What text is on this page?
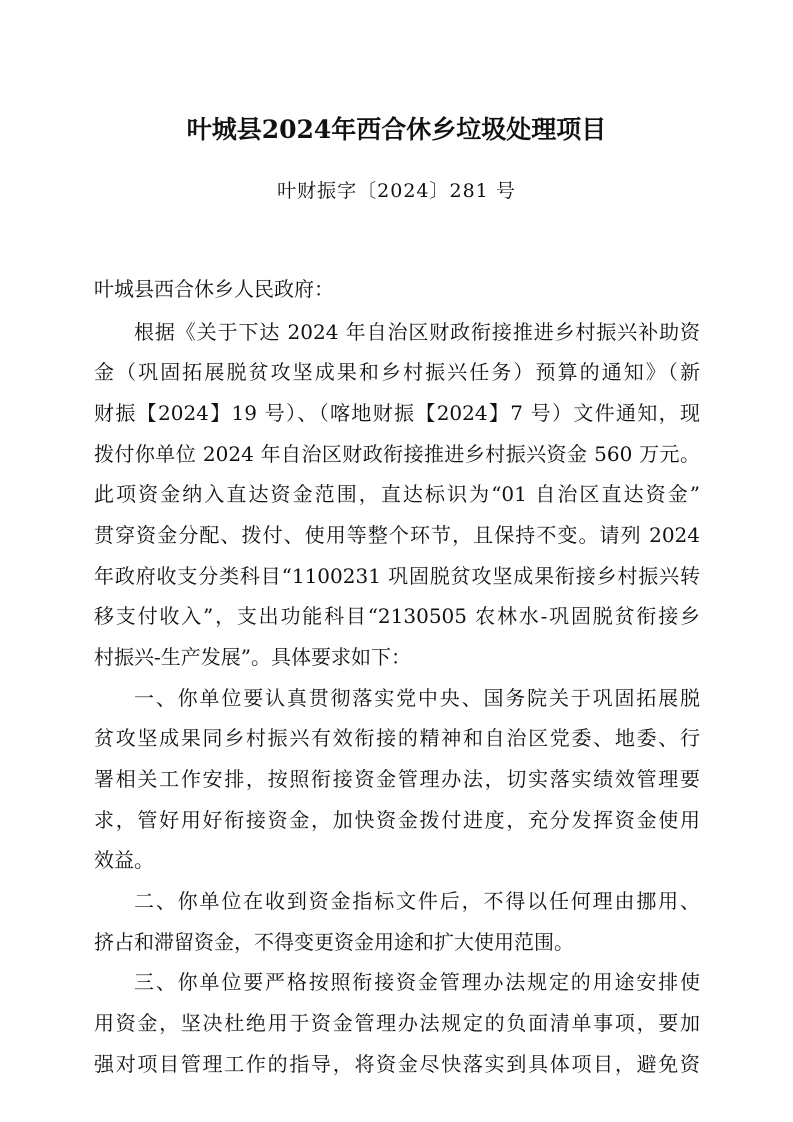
叶城县2024年西合休乡垃圾处理项目
叶财振字〔2024〕281 号
叶城县西合休乡人民政府：
根据《关于下达 2024 年自治区财政衔接推进乡村振兴补助资
金（巩固拓展脱贫攻坚成果和乡村振兴任务）预算的通知》（新
财振【2024】19 号）、（喀地财振【2024】7 号）文件通知，现
拨付你单位 2024 年自治区财政衔接推进乡村振兴资金 560 万元。
此项资金纳入直达资金范围，直达标识为“01 自治区直达资金”
贯穿资金分配、拨付、使用等整个环节，且保持不变。请列 2024
年政府收支分类科目“1100231 巩固脱贫攻坚成果衔接乡村振兴转
移支付收入”，支出功能科目“2130505 农林水-巩固脱贫衔接乡
村振兴-生产发展”。具体要求如下：
一、你单位要认真贯彻落实党中央、国务院关于巩固拓展脱
贫攻坚成果同乡村振兴有效衔接的精神和自治区党委、地委、行
署相关工作安排，按照衔接资金管理办法，切实落实绩效管理要
求，管好用好衔接资金，加快资金拨付进度，充分发挥资金使用
效益。
二、你单位在收到资金指标文件后，不得以任何理由挪用、
挤占和滞留资金，不得变更资金用途和扩大使用范围。
三、你单位要严格按照衔接资金管理办法规定的用途安排使
用资金，坚决杜绝用于资金管理办法规定的负面清单事项，要加
强对项目管理工作的指导，将资金尽快落实到具体项目，避免资
